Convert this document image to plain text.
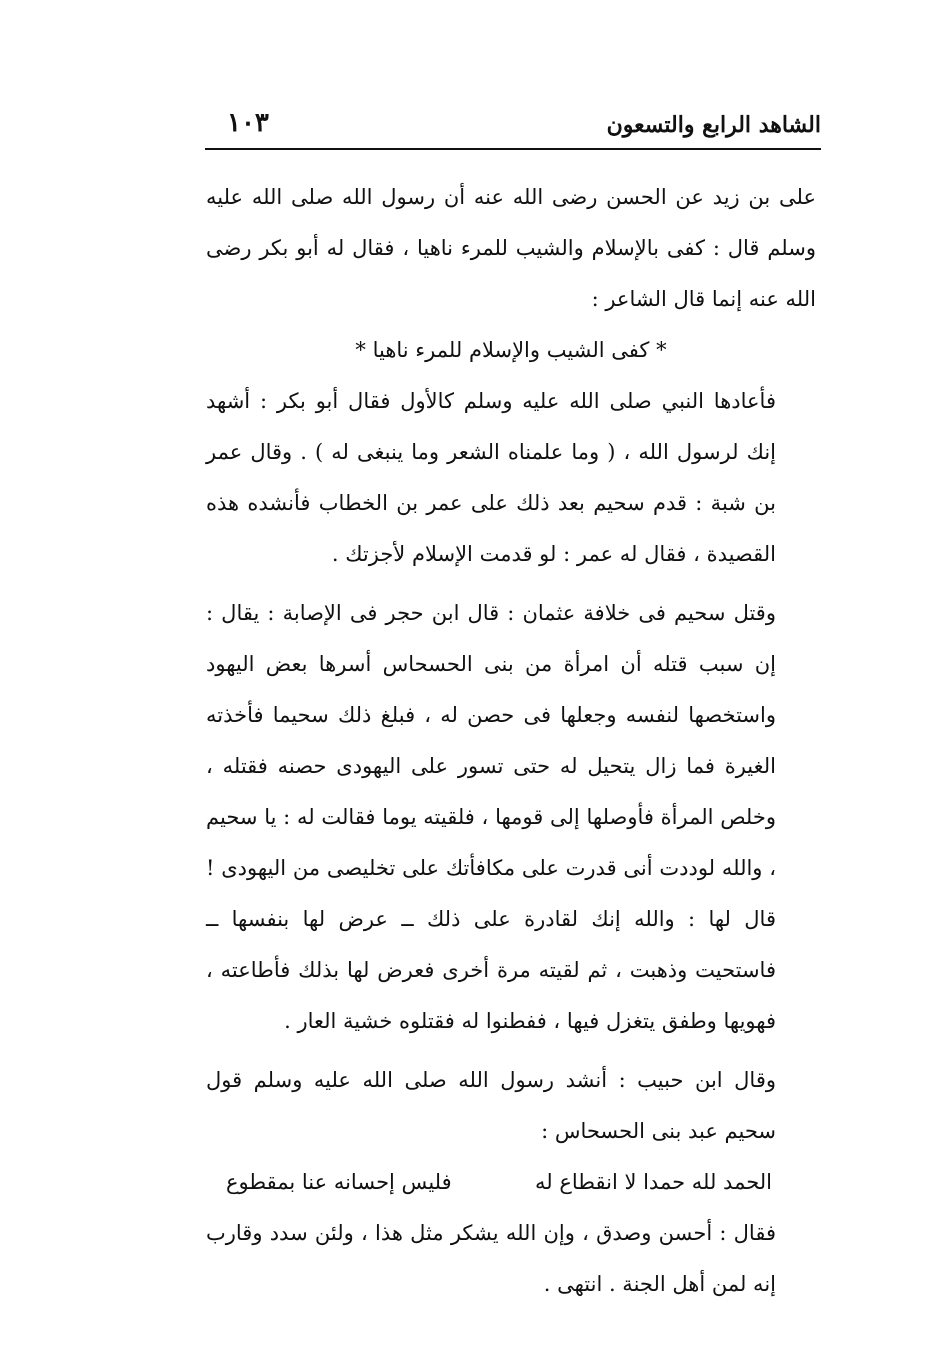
الشاهد الرابع والتسعون
١٠٣

على بن زيد عن الحسن رضى الله عنه أن رسول الله صلى الله عليه وسلم قال : كفى بالإسلام والشيب للمرء ناهيا ، فقال له أبو بكر رضى الله عنه إنما قال الشاعر :

* كفى الشيب والإسلام للمرء ناهيا *

فأعادها النبي صلى الله عليه وسلم كالأول فقال أبو بكر : أشهد إنك لرسول الله ، ( وما علمناه الشعر وما ينبغى له ) . وقال عمر بن شبة : قدم سحيم بعد ذلك على عمر بن الخطاب فأنشده هذه القصيدة ، فقال له عمر : لو قدمت الإسلام لأجزتك .

وقتل سحيم فى خلافة عثمان : قال ابن حجر فى الإصابة : يقال : إن سبب قتله أن امرأة من بنى الحسحاس أسرها بعض اليهود واستخصها لنفسه وجعلها فى حصن له ، فبلغ ذلك سحيما فأخذته الغيرة فما زال يتحيل له حتى تسور على اليهودى حصنه فقتله ، وخلص المرأة فأوصلها إلى قومها ، فلقيته يوما فقالت له : يا سحيم ، والله لوددت أنى قدرت على مكافأتك على تخليصى من اليهودى ! قال لها : والله إنك لقادرة على ذلك ــ عرض لها بنفسها ــ فاستحيت وذهبت ، ثم لقيته مرة أخرى فعرض لها بذلك فأطاعته ، فهويها وطفق يتغزل فيها ، ففطنوا له فقتلوه خشية العار .

وقال ابن حبيب : أنشد رسول الله صلى الله عليه وسلم قول سحيم عبد بنى الحسحاس :

الحمد لله حمدا لا انقطاع له
فليس إحسانه عنا بمقطوع

فقال : أحسن وصدق ، وإن الله يشكر مثل هذا ، ولئن سدد وقارب إنه لمن أهل الجنة . انتهى .
